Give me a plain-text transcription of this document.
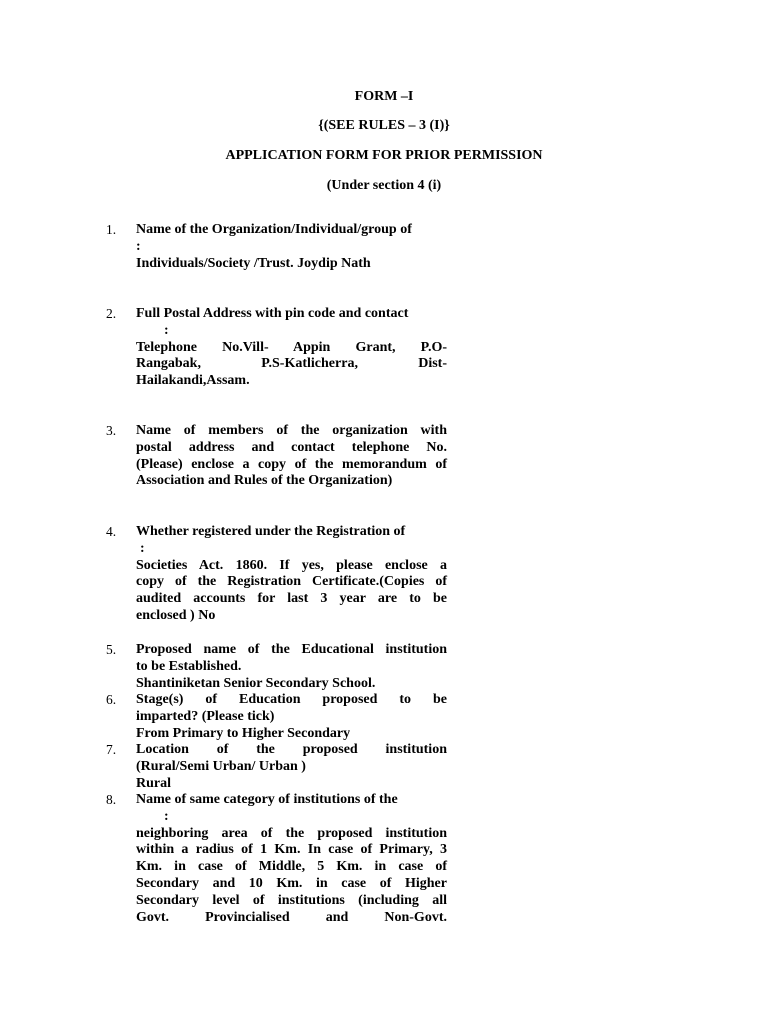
FORM –I
{(SEE RULES – 3 (I)}
APPLICATION FORM FOR PRIOR PERMISSION
(Under section 4 (i)
1. Name of the Organization/Individual/group of

:

Individuals/Society /Trust. Joydip Nath

2. Full Postal Address with pin code and contact

:

Telephone No.Vill- Appin Grant, P.O-

Rangabak, P.S-Katlicherra, Dist-

Hailakandi,Assam.

3. Name of members of the organization with

postal address and contact telephone No.

(Please) enclose a copy of the memorandum of

Association and Rules of the Organization)

4. Whether registered under the Registration of

:

Societies Act. 1860. If yes, please enclose a

copy of the Registration Certificate.(Copies of

audited accounts for last 3 year are to be

enclosed ) No

5. Proposed name of the Educational institution

to be Established.

Shantiniketan Senior Secondary School.

6. Stage(s) of Education proposed to be

imparted? (Please tick)

From Primary to Higher Secondary

7. Location of the proposed institution

(Rural/Semi Urban/ Urban )

Rural

8. Name of same category of institutions of the

:

neighboring area of the proposed institution

within a radius of 1 Km. In case of Primary, 3

Km. in case of Middle, 5 Km. in case of

Secondary and 10 Km. in case of Higher

Secondary level of institutions (including all

Govt. Provincialised and Non-Govt.
